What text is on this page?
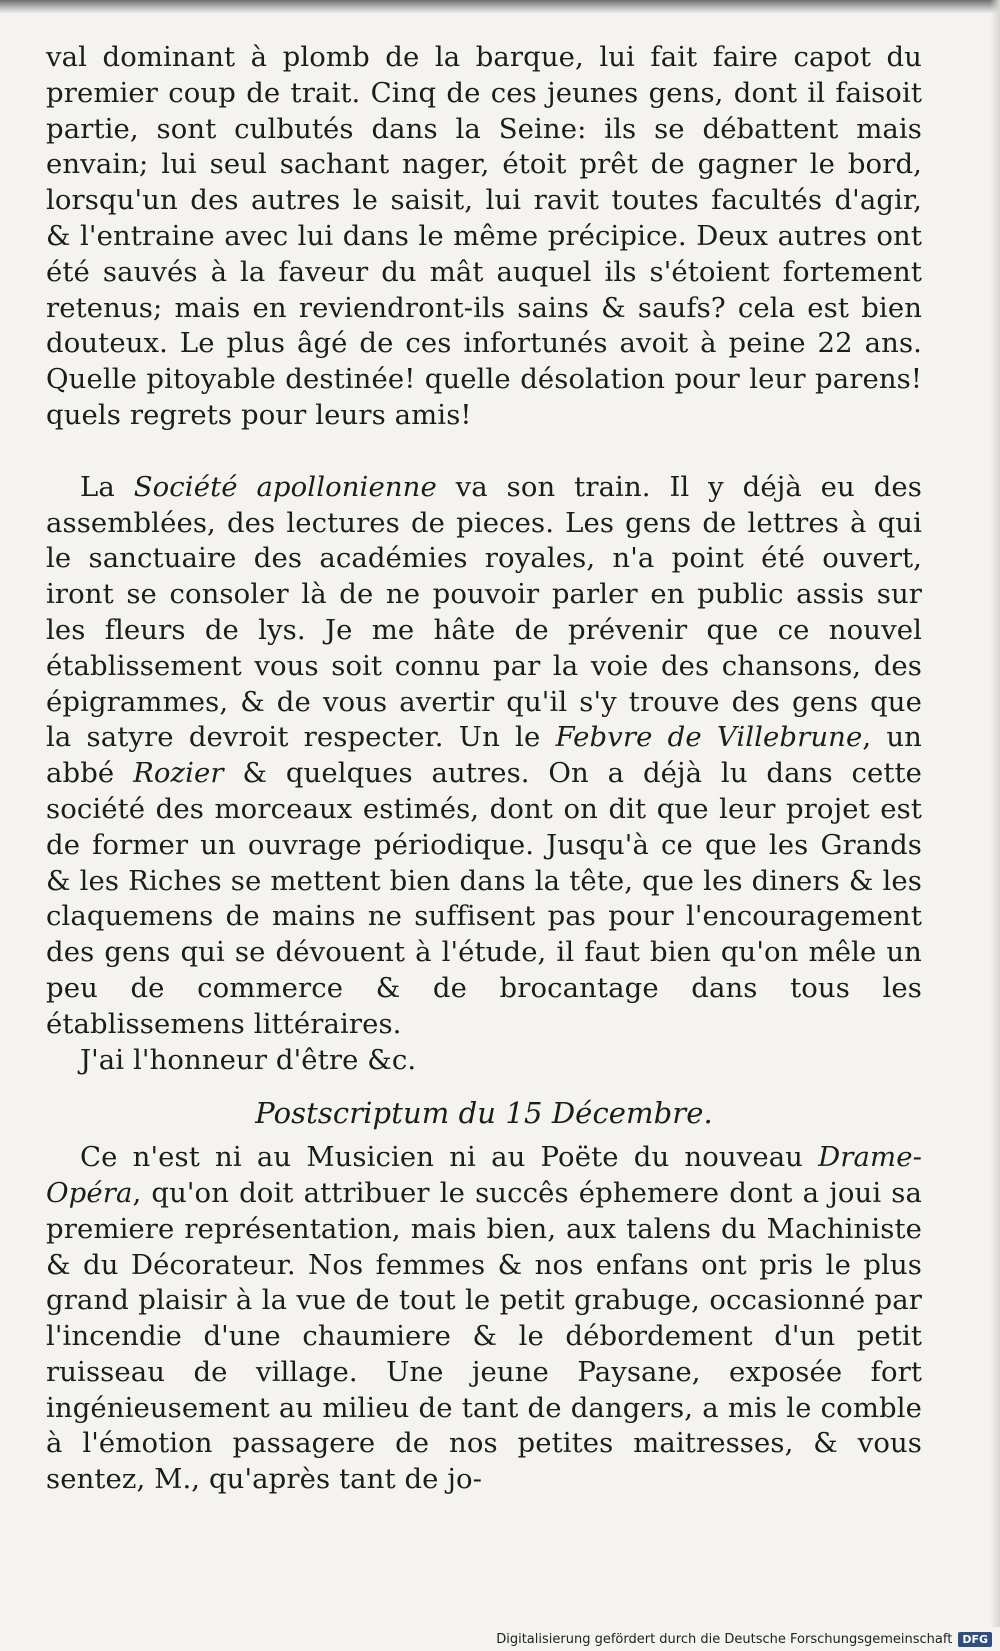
val dominant à plomb de la barque, lui fait faire capot du premier coup de trait. Cinq de ces jeunes gens, dont il faisoit partie, sont culbutés dans la Seine: ils se débattent mais envain; lui seul sachant nager, étoit prêt de gagner le bord, lorsqu'un des autres le saisit, lui ravit toutes facultés d'agir, & l'entraine avec lui dans le même précipice. Deux autres ont été sauvés à la faveur du mât auquel ils s'étoient fortement retenus; mais en reviendront-ils sains & saufs? cela est bien douteux. Le plus âgé de ces infortunés avoit à peine 22 ans. Quelle pitoyable destinée! quelle désolation pour leur parens! quels regrets pour leurs amis!

La Société apollonienne va son train. Il y déjà eu des assemblées, des lectures de pieces. Les gens de lettres à qui le sanctuaire des académies royales, n'a point été ouvert, iront se consoler là de ne pouvoir parler en public assis sur les fleurs de lys. Je me hâte de prévenir que ce nouvel établissement vous soit connu par la voie des chansons, des épigrammes, & de vous avertir qu'il s'y trouve des gens que la satyre devroit respecter. Un le Febvre de Villebrune, un abbé Rozier & quelques autres. On a déjà lu dans cette société des morceaux estimés, dont on dit que leur projet est de former un ouvrage périodique. Jusqu'à ce que les Grands & les Riches se mettent bien dans la tête, que les diners & les claquemens de mains ne suffisent pas pour l'encouragement des gens qui se dévouent à l'étude, il faut bien qu'on mêle un peu de commerce & de brocantage dans tous les établissemens littéraires.

J'ai l'honneur d'être &c.

Postscriptum du 15 Décembre.

Ce n'est ni au Musicien ni au Poëte du nouveau Drame-Opéra, qu'on doit attribuer le succês éphemere dont a joui sa premiere représentation, mais bien, aux talens du Machiniste & du Décorateur. Nos femmes & nos enfans ont pris le plus grand plaisir à la vue de tout le petit grabuge, occasionné par l'incendie d'une chaumiere & le débordement d'un petit ruisseau de village. Une jeune Paysane, exposée fort ingénieusement au milieu de tant de dangers, a mis le comble à l'émotion passagere de nos petites maitresses, & vous sentez, M., qu'après tant de jo-

Digitalisierung gefördert durch die Deutsche Forschungsgemeinschaft DFG
